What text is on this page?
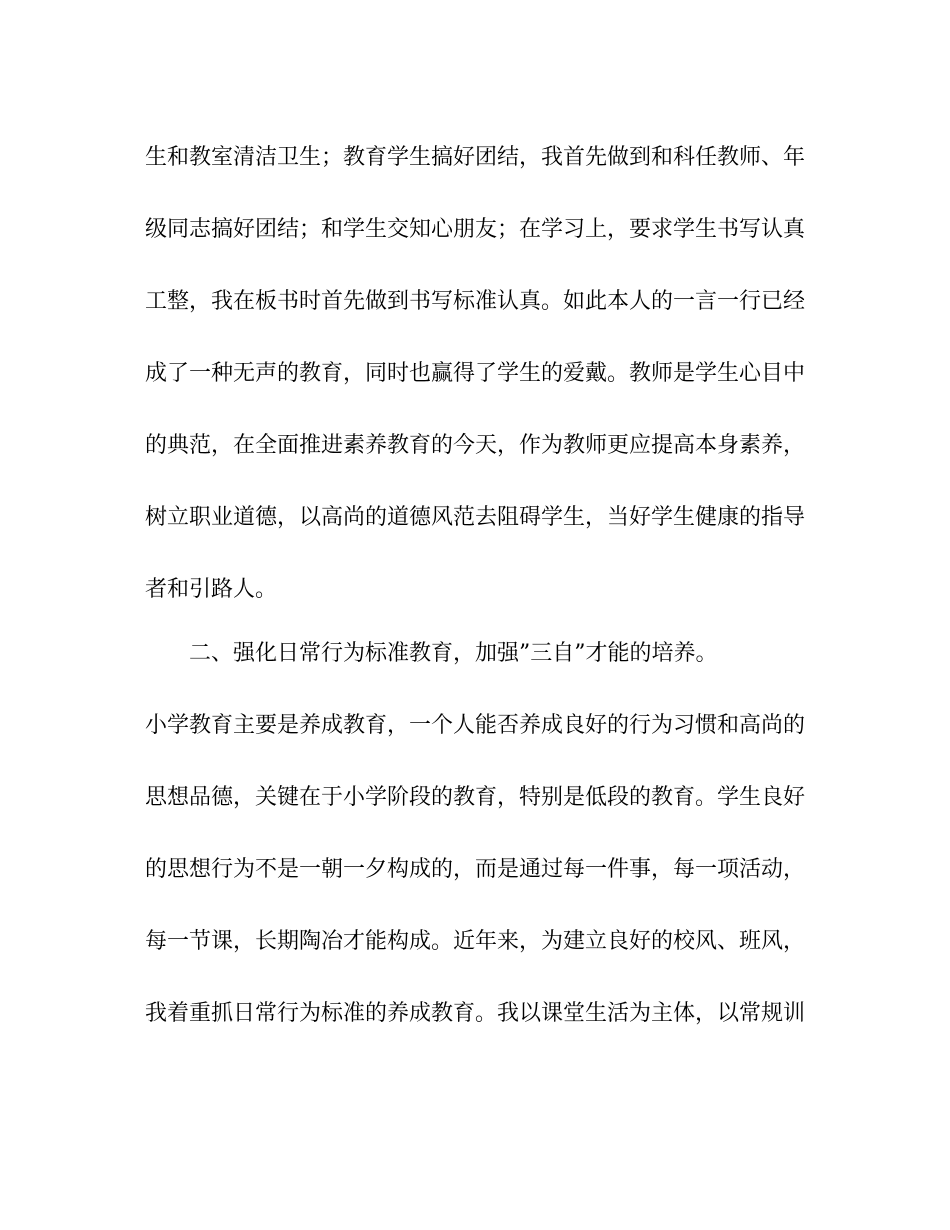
生和教室清洁卫生；教育学生搞好团结，我首先做到和科任教师、年
级同志搞好团结；和学生交知心朋友；在学习上，要求学生书写认真
工整，我在板书时首先做到书写标准认真。如此本人的一言一行已经
成了一种无声的教育，同时也赢得了学生的爱戴。教师是学生心目中
的典范，在全面推进素养教育的今天，作为教师更应提高本身素养，
树立职业道德，以高尚的道德风范去阻碍学生，当好学生健康的指导
者和引路人。
二、强化日常行为标准教育，加强”三自”才能的培养。
小学教育主要是养成教育，一个人能否养成良好的行为习惯和高尚的
思想品德，关键在于小学阶段的教育，特别是低段的教育。学生良好
的思想行为不是一朝一夕构成的，而是通过每一件事，每一项活动，
每一节课，长期陶冶才能构成。近年来，为建立良好的校风、班风，
我着重抓日常行为标准的养成教育。我以课堂生活为主体，以常规训
